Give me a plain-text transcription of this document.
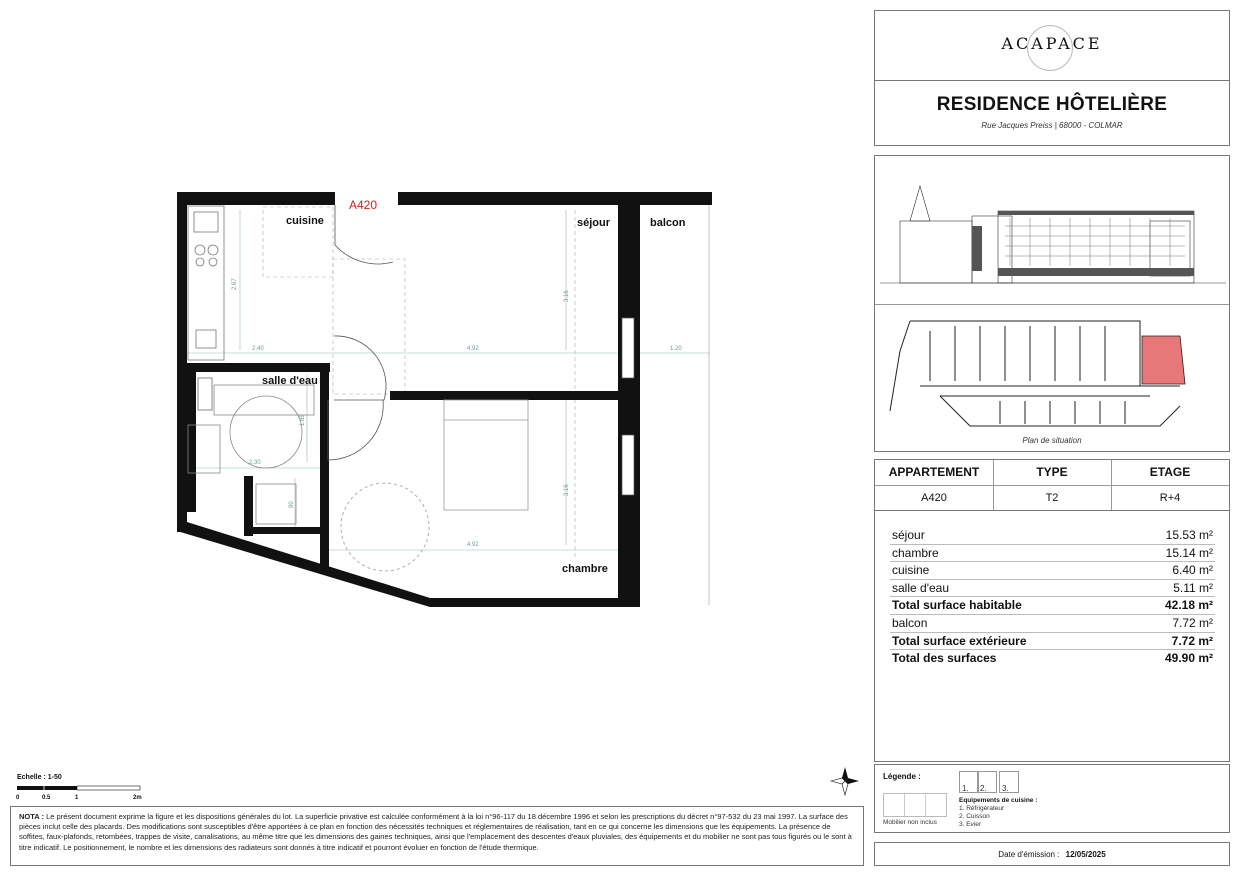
cuisine	séjour	balcon
salle d'eau
chambre
A420
2.67
3.16
2.40	4.92	1.20
1.85
2.30
90
3.16
4.92
Echelle : 1-50
0	0.5	1	2m
ACAPACE
RESIDENCE HÔTELIÈRE
Rue Jacques Preiss | 68000 - COLMAR
Plan de situation
APPARTEMENT	TYPE	ETAGE
A420	T2	R+4
séjour	15.53 m²
chambre	15.14 m²
cuisine	6.40 m²
salle d'eau	5.11 m²
Total surface habitable	42.18 m²
balcon	7.72 m²
Total surface extérieure	7.72 m²
Total des surfaces	49.90 m²
Légende :
1. 2. 3.
Mobilier non inclus
Equipements de cuisine :
1. Réfrigérateur
2. Cuisson
3. Evier
Date d'émission : 12/05/2025
NOTA : Le présent document exprime la figure et les dispositions générales du lot. La superficie privative est calculée conformément à la loi n°96-117 du 18 décembre 1996 et selon les prescriptions du décret n°97-532 du 23 mai 1997. La surface des pièces inclut celle des placards. Des modifications sont susceptibles d'être apportées à ce plan en fonction des nécessités techniques et réglementaires de réalisation, tant en ce qui concerne les dimensions que les équipements. La présence de soffites, faux-plafonds, retombées, trappes de visite, canalisations, au même titre que les dimensions des gaines techniques, ainsi que l'emplacement des descentes d'eaux pluviales, des équipements et du mobilier ne sont pas tous figurés ou le sont à titre indicatif. Le positionnement, le nombre et les dimensions des radiateurs sont donnés à titre indicatif et pourront évoluer en fonction de l'étude thermique.
